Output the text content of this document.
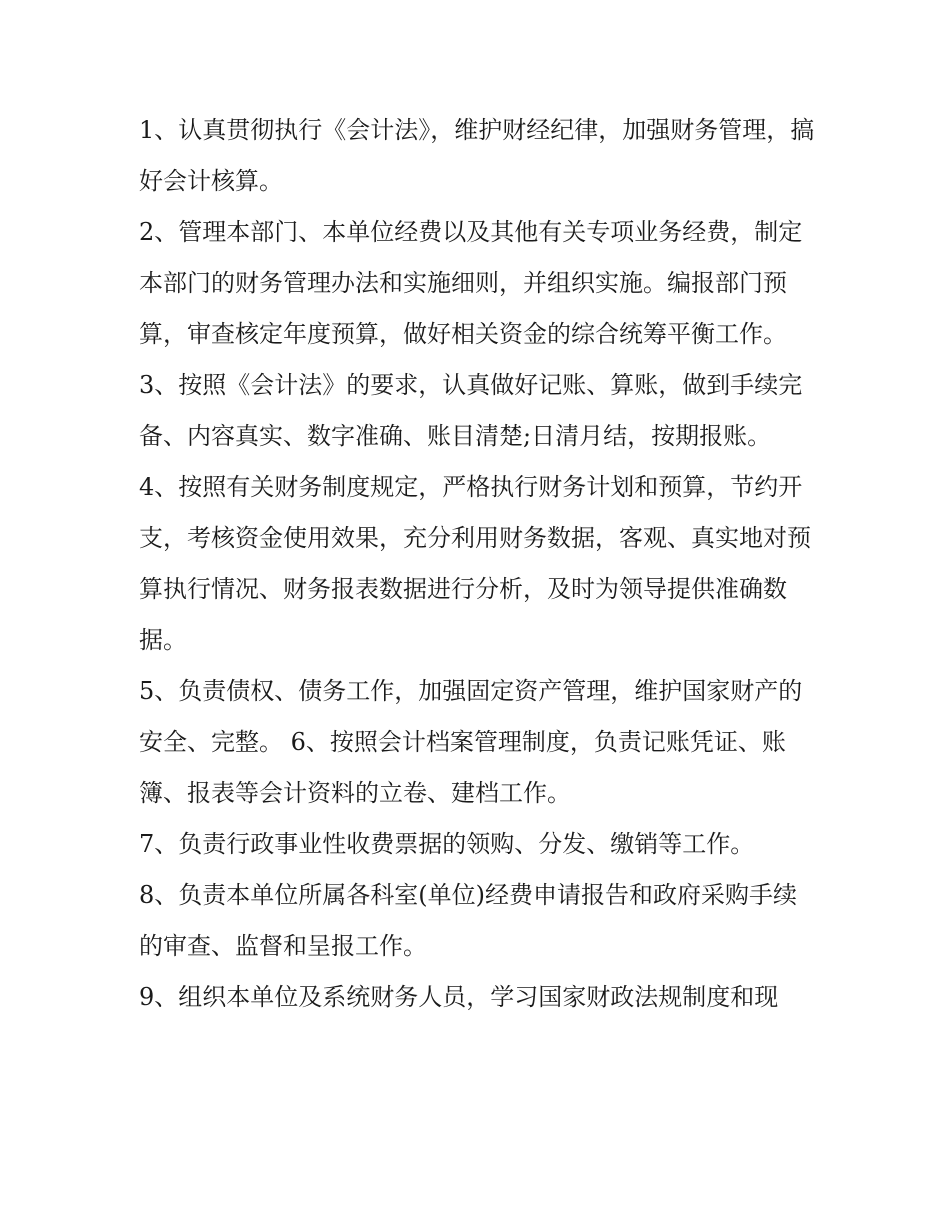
1、认真贯彻执行《会计法》，维护财经纪律，加强财务管理，搞好会计核算。

2、管理本部门、本单位经费以及其他有关专项业务经费，制定本部门的财务管理办法和实施细则，并组织实施。编报部门预算，审查核定年度预算，做好相关资金的综合统筹平衡工作。

3、按照《会计法》的要求，认真做好记账、算账，做到手续完备、内容真实、数字准确、账目清楚;日清月结，按期报账。

4、按照有关财务制度规定，严格执行财务计划和预算，节约开支，考核资金使用效果，充分利用财务数据，客观、真实地对预算执行情况、财务报表数据进行分析，及时为领导提供准确数据。

5、负责债权、债务工作，加强固定资产管理，维护国家财产的安全、完整。 6、按照会计档案管理制度，负责记账凭证、账簿、报表等会计资料的立卷、建档工作。

7、负责行政事业性收费票据的领购、分发、缴销等工作。

8、负责本单位所属各科室(单位)经费申请报告和政府采购手续的审查、监督和呈报工作。

9、组织本单位及系统财务人员，学习国家财政法规制度和现
